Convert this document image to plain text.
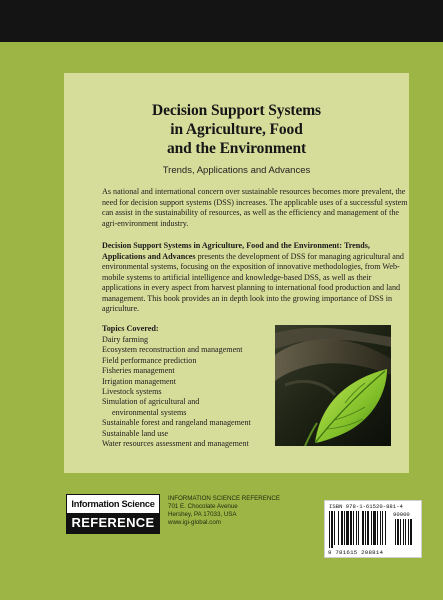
Decision Support Systems
in Agriculture, Food
and the Environment
Trends, Applications and Advances

As national and international concern over sustainable resources becomes more prevalent, the need for decision support systems (DSS) increases. The applicable uses of a successful system can assist in the sustainability of resources, as well as the efficiency and management of the agri-environment industry.

Decision Support Systems in Agriculture, Food and the Environment: Trends, Applications and Advances presents the development of DSS for managing agricultural and environmental systems, focusing on the exposition of innovative methodologies, from Web-mobile systems to artificial intelligence and knowledge-based DSS, as well as their applications in every aspect from harvest planning to international food production and land management. This book provides an in depth look into the growing importance of DSS in agriculture.

Topics Covered:
Dairy farming
Ecosystem reconstruction and management
Field performance prediction
Fisheries management
Irrigation management
Livestock systems
Simulation of agricultural and
environmental systems
Sustainable forest and rangeland management
Sustainable land use
Water resources assessment and management
Information Science
REFERENCE
INFORMATION SCIENCE REFERENCE
701 E. Chocolate Avenue
Hershey, PA 17033, USA
www.igi-global.com
ISBN 978-1-61520-881-4
90000
9 781615 208814
